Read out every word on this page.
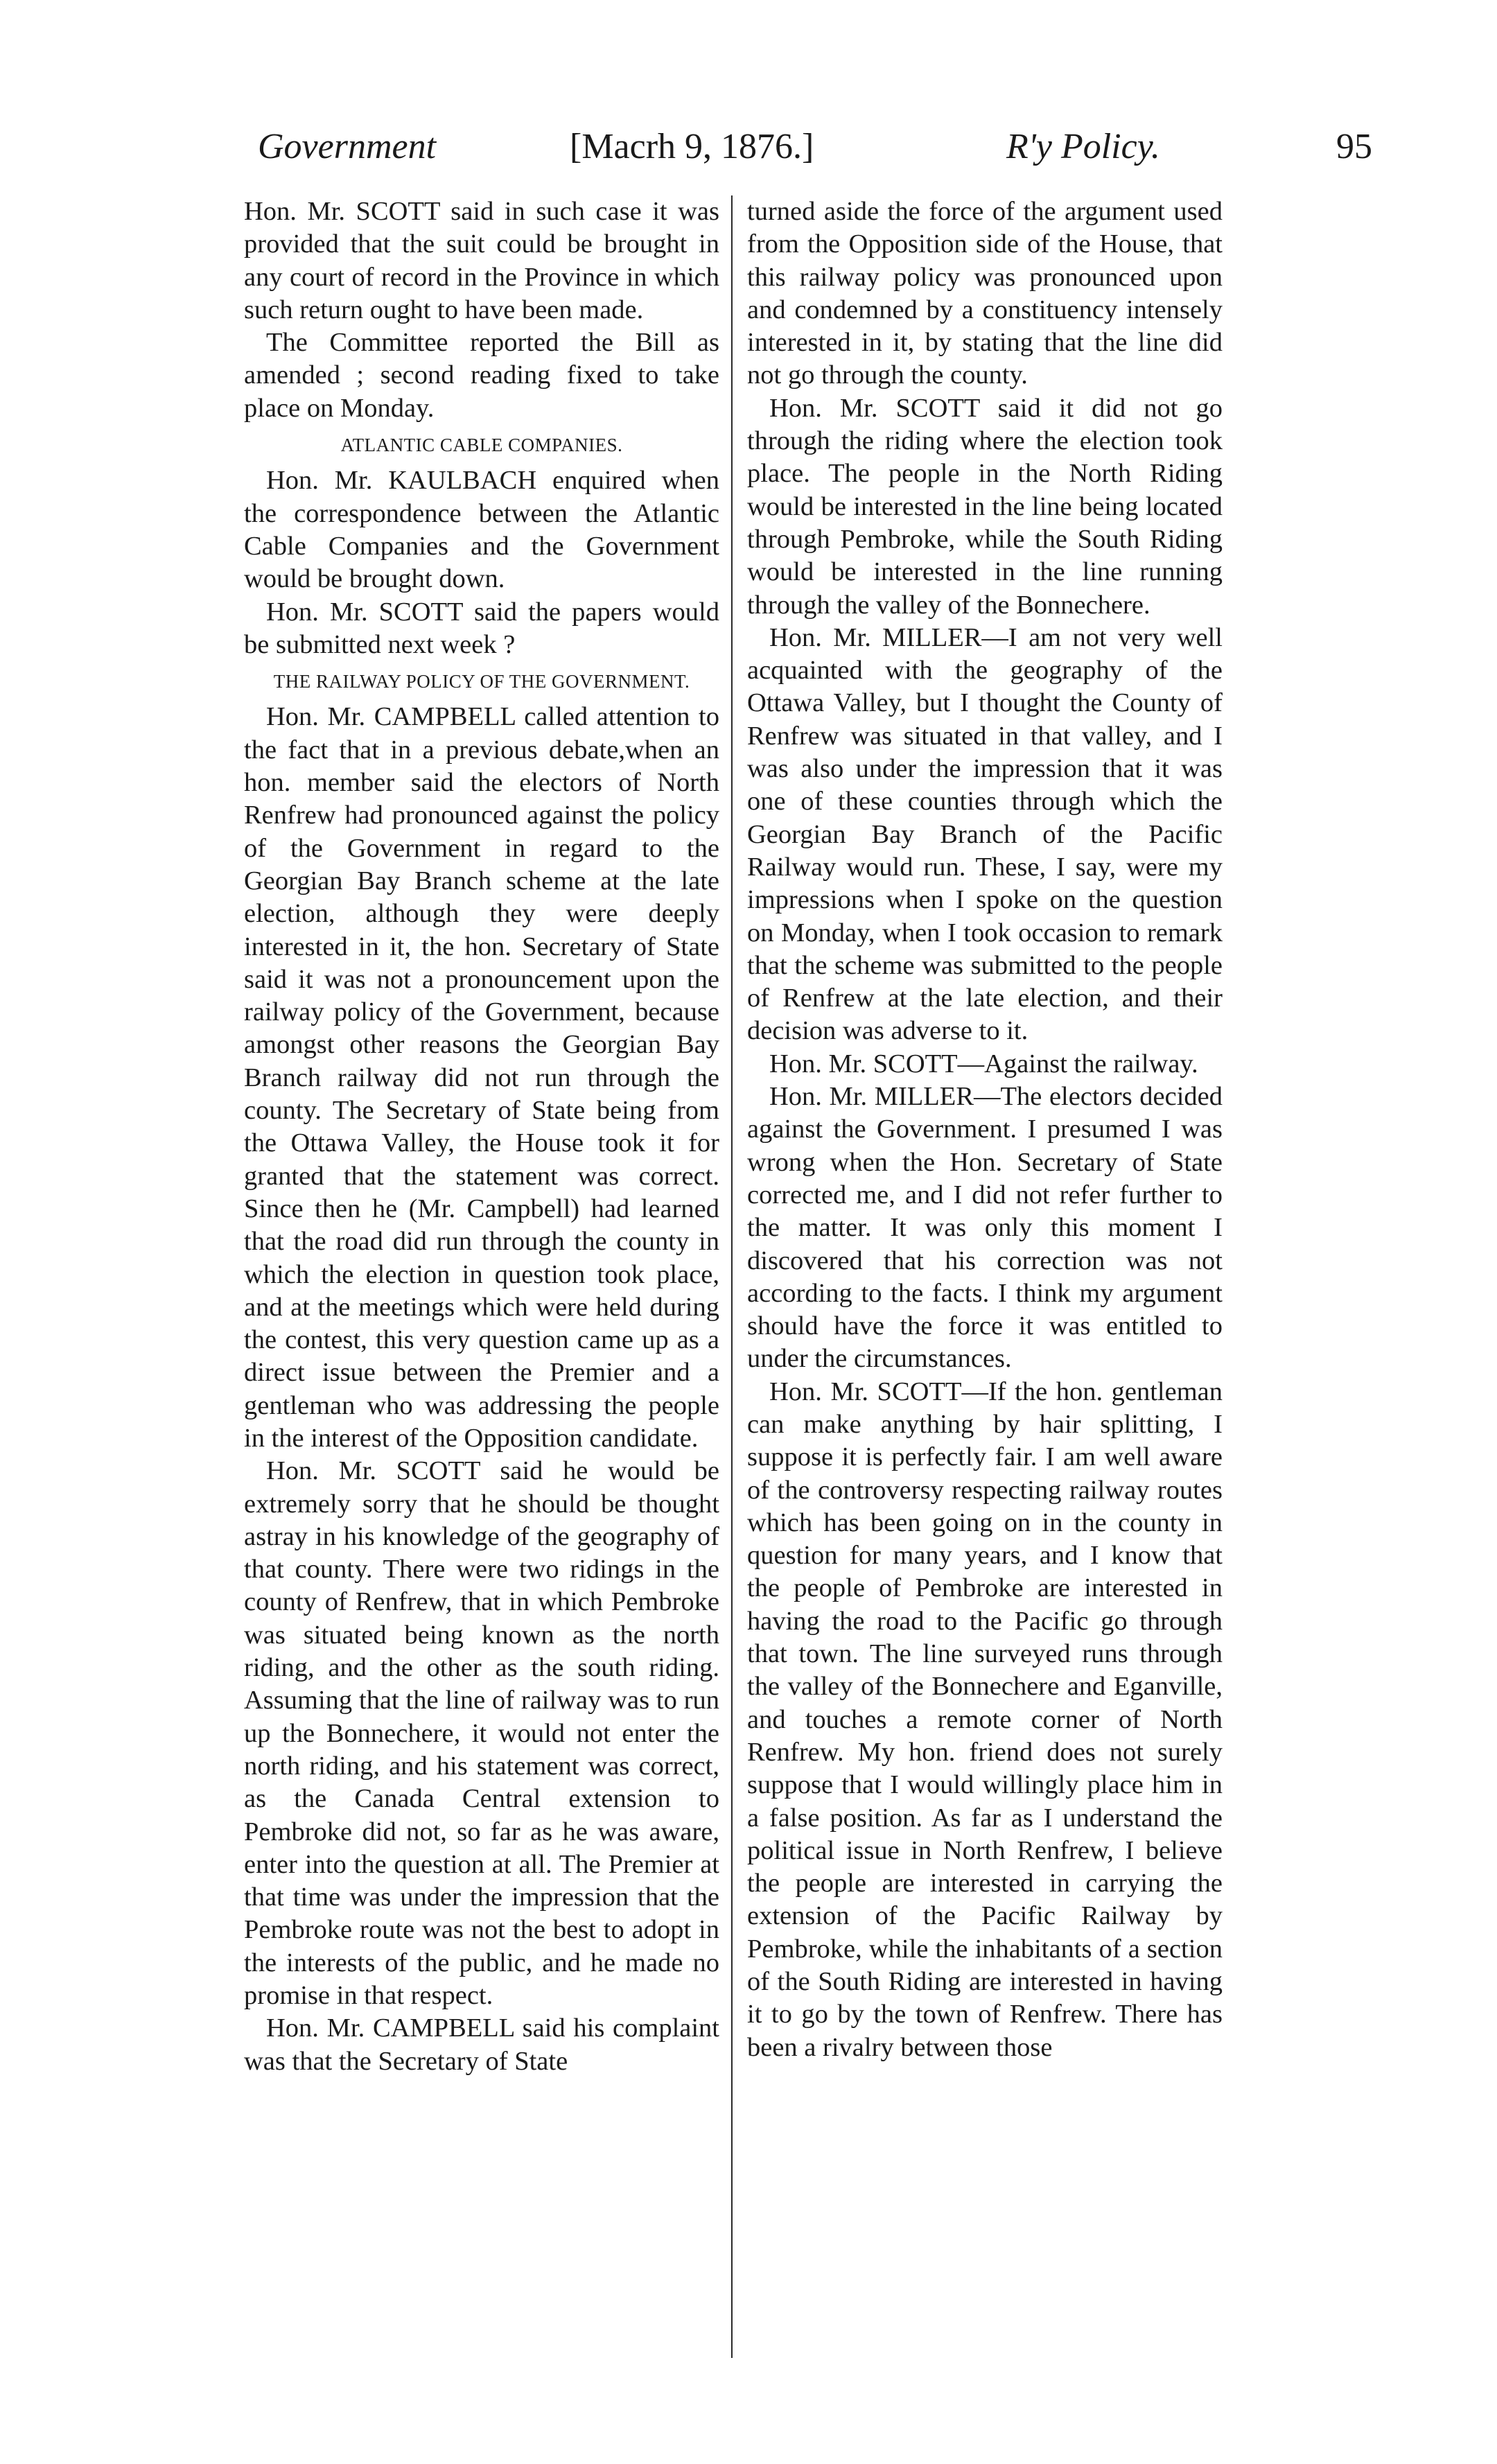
Government	[Macrh 9, 1876.]	R'y Policy.	95

Hon. Mr. SCOTT said in such case it was provided that the suit could be brought in any court of record in the Province in which such return ought to have been made.

The Committee reported the Bill as amended ; second reading fixed to take place on Monday.

ATLANTIC CABLE COMPANIES.

Hon. Mr. KAULBACH enquired when the correspondence between the Atlantic Cable Companies and the Government would be brought down.

Hon. Mr. SCOTT said the papers would be submitted next week ?

THE RAILWAY POLICY OF THE GOVERNMENT.

Hon. Mr. CAMPBELL called attention to the fact that in a previous debate,when an hon. member said the electors of North Renfrew had pronounced against the policy of the Government in regard to the Georgian Bay Branch scheme at the late election, although they were deeply interested in it, the hon. Secretary of State said it was not a pronouncement upon the railway policy of the Government, because amongst other reasons the Georgian Bay Branch railway did not run through the county. The Secretary of State being from the Ottawa Valley, the House took it for granted that the statement was correct. Since then he (Mr. Campbell) had learned that the road did run through the county in which the election in question took place, and at the meetings which were held during the contest, this very question came up as a direct issue between the Premier and a gentleman who was addressing the people in the interest of the Opposition candidate.

Hon. Mr. SCOTT said he would be extremely sorry that he should be thought astray in his knowledge of the geography of that county. There were two ridings in the county of Renfrew, that in which Pembroke was situated being known as the north riding, and the other as the south riding. Assuming that the line of railway was to run up the Bonnechere, it would not enter the north riding, and his statement was correct, as the Canada Central extension to Pembroke did not, so far as he was aware, enter into the question at all. The Premier at that time was under the impression that the Pembroke route was not the best to adopt in the interests of the public, and he made no promise in that respect.

Hon. Mr. CAMPBELL said his complaint was that the Secretary of State

turned aside the force of the argument used from the Opposition side of the House, that this railway policy was pronounced upon and condemned by a constituency intensely interested in it, by stating that the line did not go through the county.

Hon. Mr. SCOTT said it did not go through the riding where the election took place. The people in the North Riding would be interested in the line being located through Pembroke, while the South Riding would be interested in the line running through the valley of the Bonnechere.

Hon. Mr. MILLER—I am not very well acquainted with the geography of the Ottawa Valley, but I thought the County of Renfrew was situated in that valley, and I was also under the impression that it was one of these counties through which the Georgian Bay Branch of the Pacific Railway would run. These, I say, were my impressions when I spoke on the question on Monday, when I took occasion to remark that the scheme was submitted to the people of Renfrew at the late election, and their decision was adverse to it.

Hon. Mr. SCOTT—Against the railway.

Hon. Mr. MILLER—The electors decided against the Government. I presumed I was wrong when the Hon. Secretary of State corrected me, and I did not refer further to the matter. It was only this moment I discovered that his correction was not according to the facts. I think my argument should have the force it was entitled to under the circumstances.

Hon. Mr. SCOTT—If the hon. gentleman can make anything by hair splitting, I suppose it is perfectly fair. I am well aware of the controversy respecting railway routes which has been going on in the county in question for many years, and I know that the people of Pembroke are interested in having the road to the Pacific go through that town. The line surveyed runs through the valley of the Bonnechere and Eganville, and touches a remote corner of North Renfrew. My hon. friend does not surely suppose that I would willingly place him in a false position. As far as I understand the political issue in North Renfrew, I believe the people are interested in carrying the extension of the Pacific Railway by Pembroke, while the inhabitants of a section of the South Riding are interested in having it to go by the town of Renfrew. There has been a rivalry between those
